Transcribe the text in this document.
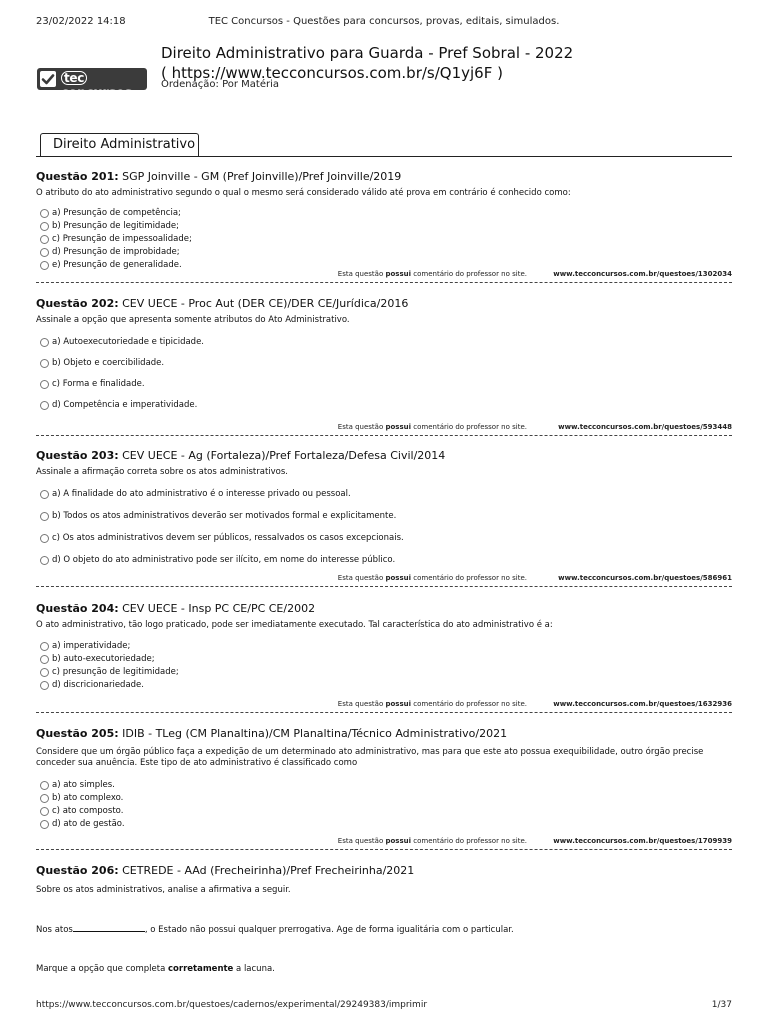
23/02/2022 14:18	TEC Concursos - Questões para concursos, provas, editais, simulados.
tecconcursos
Direito Administrativo para Guarda - Pref Sobral - 2022 ( https://www.tecconcursos.com.br/s/Q1yj6F )
Ordenação: Por Matéria
Direito Administrativo
Questão 201: SGP Joinville - GM (Pref Joinville)/Pref Joinville/2019
O atributo do ato administrativo segundo o qual o mesmo será considerado válido até prova em contrário é conhecido como:
a) Presunção de competência;
b) Presunção de legitimidade;
c) Presunção de impessoalidade;
d) Presunção de improbidade;
e) Presunção de generalidade.
Esta questão possui comentário do professor no site.	www.tecconcursos.com.br/questoes/1302034
Questão 202: CEV UECE - Proc Aut (DER CE)/DER CE/Jurídica/2016
Assinale a opção que apresenta somente atributos do Ato Administrativo.
a) Autoexecutoriedade e tipicidade.
b) Objeto e coercibilidade.
c) Forma e finalidade.
d) Competência e imperatividade.
Esta questão possui comentário do professor no site.	www.tecconcursos.com.br/questoes/593448
Questão 203: CEV UECE - Ag (Fortaleza)/Pref Fortaleza/Defesa Civil/2014
Assinale a afirmação correta sobre os atos administrativos.
a) A finalidade do ato administrativo é o interesse privado ou pessoal.
b) Todos os atos administrativos deverão ser motivados formal e explicitamente.
c) Os atos administrativos devem ser públicos, ressalvados os casos excepcionais.
d) O objeto do ato administrativo pode ser ilícito, em nome do interesse público.
Esta questão possui comentário do professor no site.	www.tecconcursos.com.br/questoes/586961
Questão 204: CEV UECE - Insp PC CE/PC CE/2002
O ato administrativo, tão logo praticado, pode ser imediatamente executado. Tal característica do ato administrativo é a:
a) imperatividade;
b) auto-executoriedade;
c) presunção de legitimidade;
d) discricionariedade.
Esta questão possui comentário do professor no site.	www.tecconcursos.com.br/questoes/1632936
Questão 205: IDIB - TLeg (CM Planaltina)/CM Planaltina/Técnico Administrativo/2021
Considere que um órgão público faça a expedição de um determinado ato administrativo, mas para que este ato possua exequibilidade, outro órgão precise conceder sua anuência. Este tipo de ato administrativo é classificado como
a) ato simples.
b) ato complexo.
c) ato composto.
d) ato de gestão.
Esta questão possui comentário do professor no site.	www.tecconcursos.com.br/questoes/1709939
Questão 206: CETREDE - AAd (Frecheirinha)/Pref Frecheirinha/2021
Sobre os atos administrativos, analise a afirmativa a seguir.
Nos atos	, o Estado não possui qualquer prerrogativa. Age de forma igualitária com o particular.
Marque a opção que completa corretamente a lacuna.
https://www.tecconcursos.com.br/questoes/cadernos/experimental/29249383/imprimir	1/37
